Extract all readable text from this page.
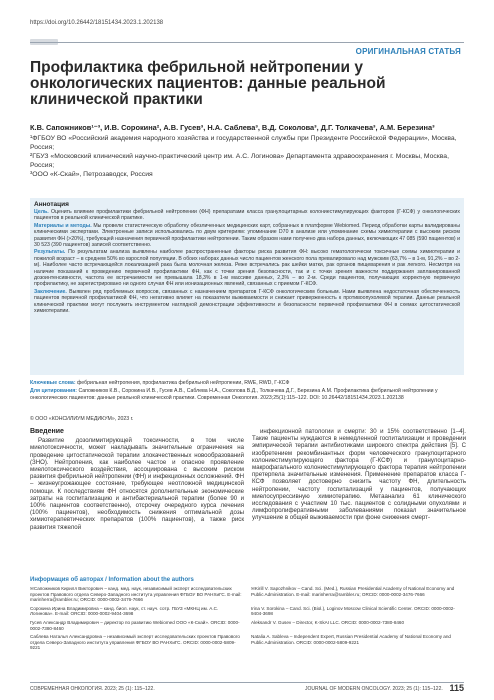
https://doi.org/10.26442/18151434.2023.1.202138
ОРИГИНАЛЬНАЯ СТАТЬЯ
Профилактика фебрильной нейтропении у онкологических пациентов: данные реальной клинической практики

К.В. Сапожников¹⁻³, И.В. Сорокина², А.В. Гусев³, Н.А. Саблева³, В.Д. Соколова³, Д.Г. Толкачева³, А.М. Березина³

¹ФГБОУ ВО «Российский академия народного хозяйства и государственной службы при Президенте Российской Федерации», Москва, Россия;

²ГБУЗ «Московский клинический научно-практический центр им. А.С. Логинова» Департамента здравоохранения г. Москвы, Москва, Россия;

³ООО «К-Скай», Петрозаводск, Россия

Аннотация

Цель. Оценить влияние профилактики фебрильной нейтропении (ФН) препаратами класса гранулоцитарных колониестимулирующих факторов (Г-КСФ) у онкологических пациентов в реальной клинической практике.

Материалы и методы. Мы провели статистическую обработку обезличенных медицинских карт, собранных в платформе Webiomed. Период обработки карты валидированы клиническими экспертами. Электронные записи использовались по двум критериям: упоминание D70 в анализе или упоминание схемы химиотерапии с высоким риском развития ФН (>20%), требующей назначения первичной профилактики нейтропении. Таким образом нами получено два набора данных, включающих 47 085 (590 пациентов) и 30 523 (390 пациентов) записей соответственно.

Результаты. По результатам анализа выявлены наиболее распространенные факторы риска развития ФН: высоко гематологически токсичные схемы химиотерапии и пожилой возраст – в среднем 50% во взрослой популяции. В обоих наборах данных число пациентов женского пола превалировало над мужским (63,7% – в 1-м, 91,2% – во 2-м). Наиболее часто встречающейся локализацией рака была молочная железа. Реже встречались рак шейки матки, рак органов пищеварения и рак легкого. Несмотря на наличие показаний к проведению первичной профилактики ФН, как с точки зрения безопасности, так и с точки зрения важности поддержания запланированной дозоинтенсивности, частота ее встречаемости не превышала 18,3% в 1-м массиве данных, 2,3% – во 2-м. Среди пациентов, получающих корректную первичную профилактику, не зарегистрировано ни одного случая ФН или ионизационных явлений, связанных с приемом Г-КСФ.

Заключение. Выявлен ряд проблемных вопросов, связанных с назначением препаратов Г-КСФ онкологическим больным. Нами выявлена недостаточная обеспеченность пациентов первичной профилактикой ФН, что негативно влияет на показатели выживаемости и снижает приверженность к противоопухолевой терапии. Данные реальной клинической практики могут послужить инструментом наглядной демонстрации эффективности и безопасности первичной профилактики ФН в схемах цитостатической химиотерапии.

Ключевые слова: фебрильная нейтропения, профилактика фебрильной нейтропении, RWE, RWD, Г-КСФ

Для цитирования: Сапожников К.В., Сорокина И.В., Гусев А.В., Саблева Н.А., Соколова В.Д., Толкачева Д.Г., Березина А.М. Профилактика фебрильной нейтропении у онкологических пациентов: данные реальной клинической практики. Современная Онкология. 2023;25(1):115–122. DOI: 10.26442/18151434.2023.1.202138

© ООО «КОНСИЛИУМ МЕДИКУМ», 2023 г.
Введение

Развитие дозолимитирующей токсичности, в том числе миелотоксичности, может накладывать значительные ограничения на проведение цитостатической терапии злокачественных новообразований (ЗНО). Нейтропения, как наиболее частое и опасное проявление миелотоксического воздействия, ассоциирована с высоким риском развития фебрильной нейтропении (ФН) и инфекционных осложнений. ФН – жизнеугрожающее состояние, требующее неотложной медицинской помощи. К последствиям ФН относятся дополнительные экономические затраты на госпитализацию и антибактериальной терапии (более 90 и 100% пациентов соответственно), отсрочку очередного курса лечения (100% пациентов), необходимость снижения оптимальной дозы химиотерапевтических препаратов (100% пациентов), а также риск развития тяжелой

инфекционной патологии и смерти: 30 и 15% соответственно [1–4]. Такие пациенты нуждаются в немедленной госпитализации и проведении эмпирической терапии антибиотиками широкого спектра действия [5]. С изобретением рекомбинантных форм человеческого гранулоцитарного колониестимулирующего фактора (Г-КСФ) и гранулоцитарно-макрофагального колониестимулирующего фактора терапия нейтропении претерпела значительные изменения. Применение препаратов класса Г-КСФ позволяет достоверно снизить частоту ФН, длительность нейтропении, частоту госпитализаций у пациентов, получающих миелосупрессивную химиотерапию. Метаанализ 61 клинического исследования с участием 10 тыс. пациентов с солидными опухолями и лимфопролиферативными заболеваниями показал значительное улучшение в общей выживаемости при фоне снижения смерт-

Информация об авторах / Information about the authors
✉Сапожников Кирилл Викторович – канд. мед. наук, независимый эксперт исследовательских проектов Правового отдела Северо-Западного института управления ФГБОУ ВО РАНХиГС. E-mail: marinherra@rambler.ru; ORCID: 0000-0002-3476-7666
✉Kirill V. Sapozhnikov – Cand. Sci. (Med.), Russian Presidential Academy of National Economy and Public Administration. E-mail: marinherra@rambler.ru; ORCID: 0000-0002-3476-7666
Сорокина Ирина Владимировна – канд. биол. наук, ст. науч. сотр. ГБУЗ «МКНЦ им. А.С. Логинова». E-mail: ORCID: 0000-0002-9404-3698
Irina V. Sorokina – Cand. Sci. (Biol.), Loginov Moscow Clinical Scientific Center. ORCID: 0000-0002-9404-3698
Гусев Александр Владимирович – директор по развитию Webiomed ООО «К-Скай». ORCID: 0000-0002-7380-8460
Aleksandr V. Gusev – Director, K-SkAI LLC. ORCID: 0000-0002-7380-8460
Саблева Наталья Александровна – независимый эксперт исследовательских проектов Правового отдела Северо-Западного института управления ФГБОУ ВО РАНХиГС. ORCID: 0000-0002-5809-9221
Natalia A. Sableva – Independent Expert, Russian Presidential Academy of National Economy and Public Administration. ORCID: 0000-0002-5809-9221
СОВРЕМЕННАЯ ОНКОЛОГИЯ. 2023; 25 (1): 115–122.	JOURNAL OF MODERN ONCOLOGY. 2023; 25 (1): 115–122. 115
